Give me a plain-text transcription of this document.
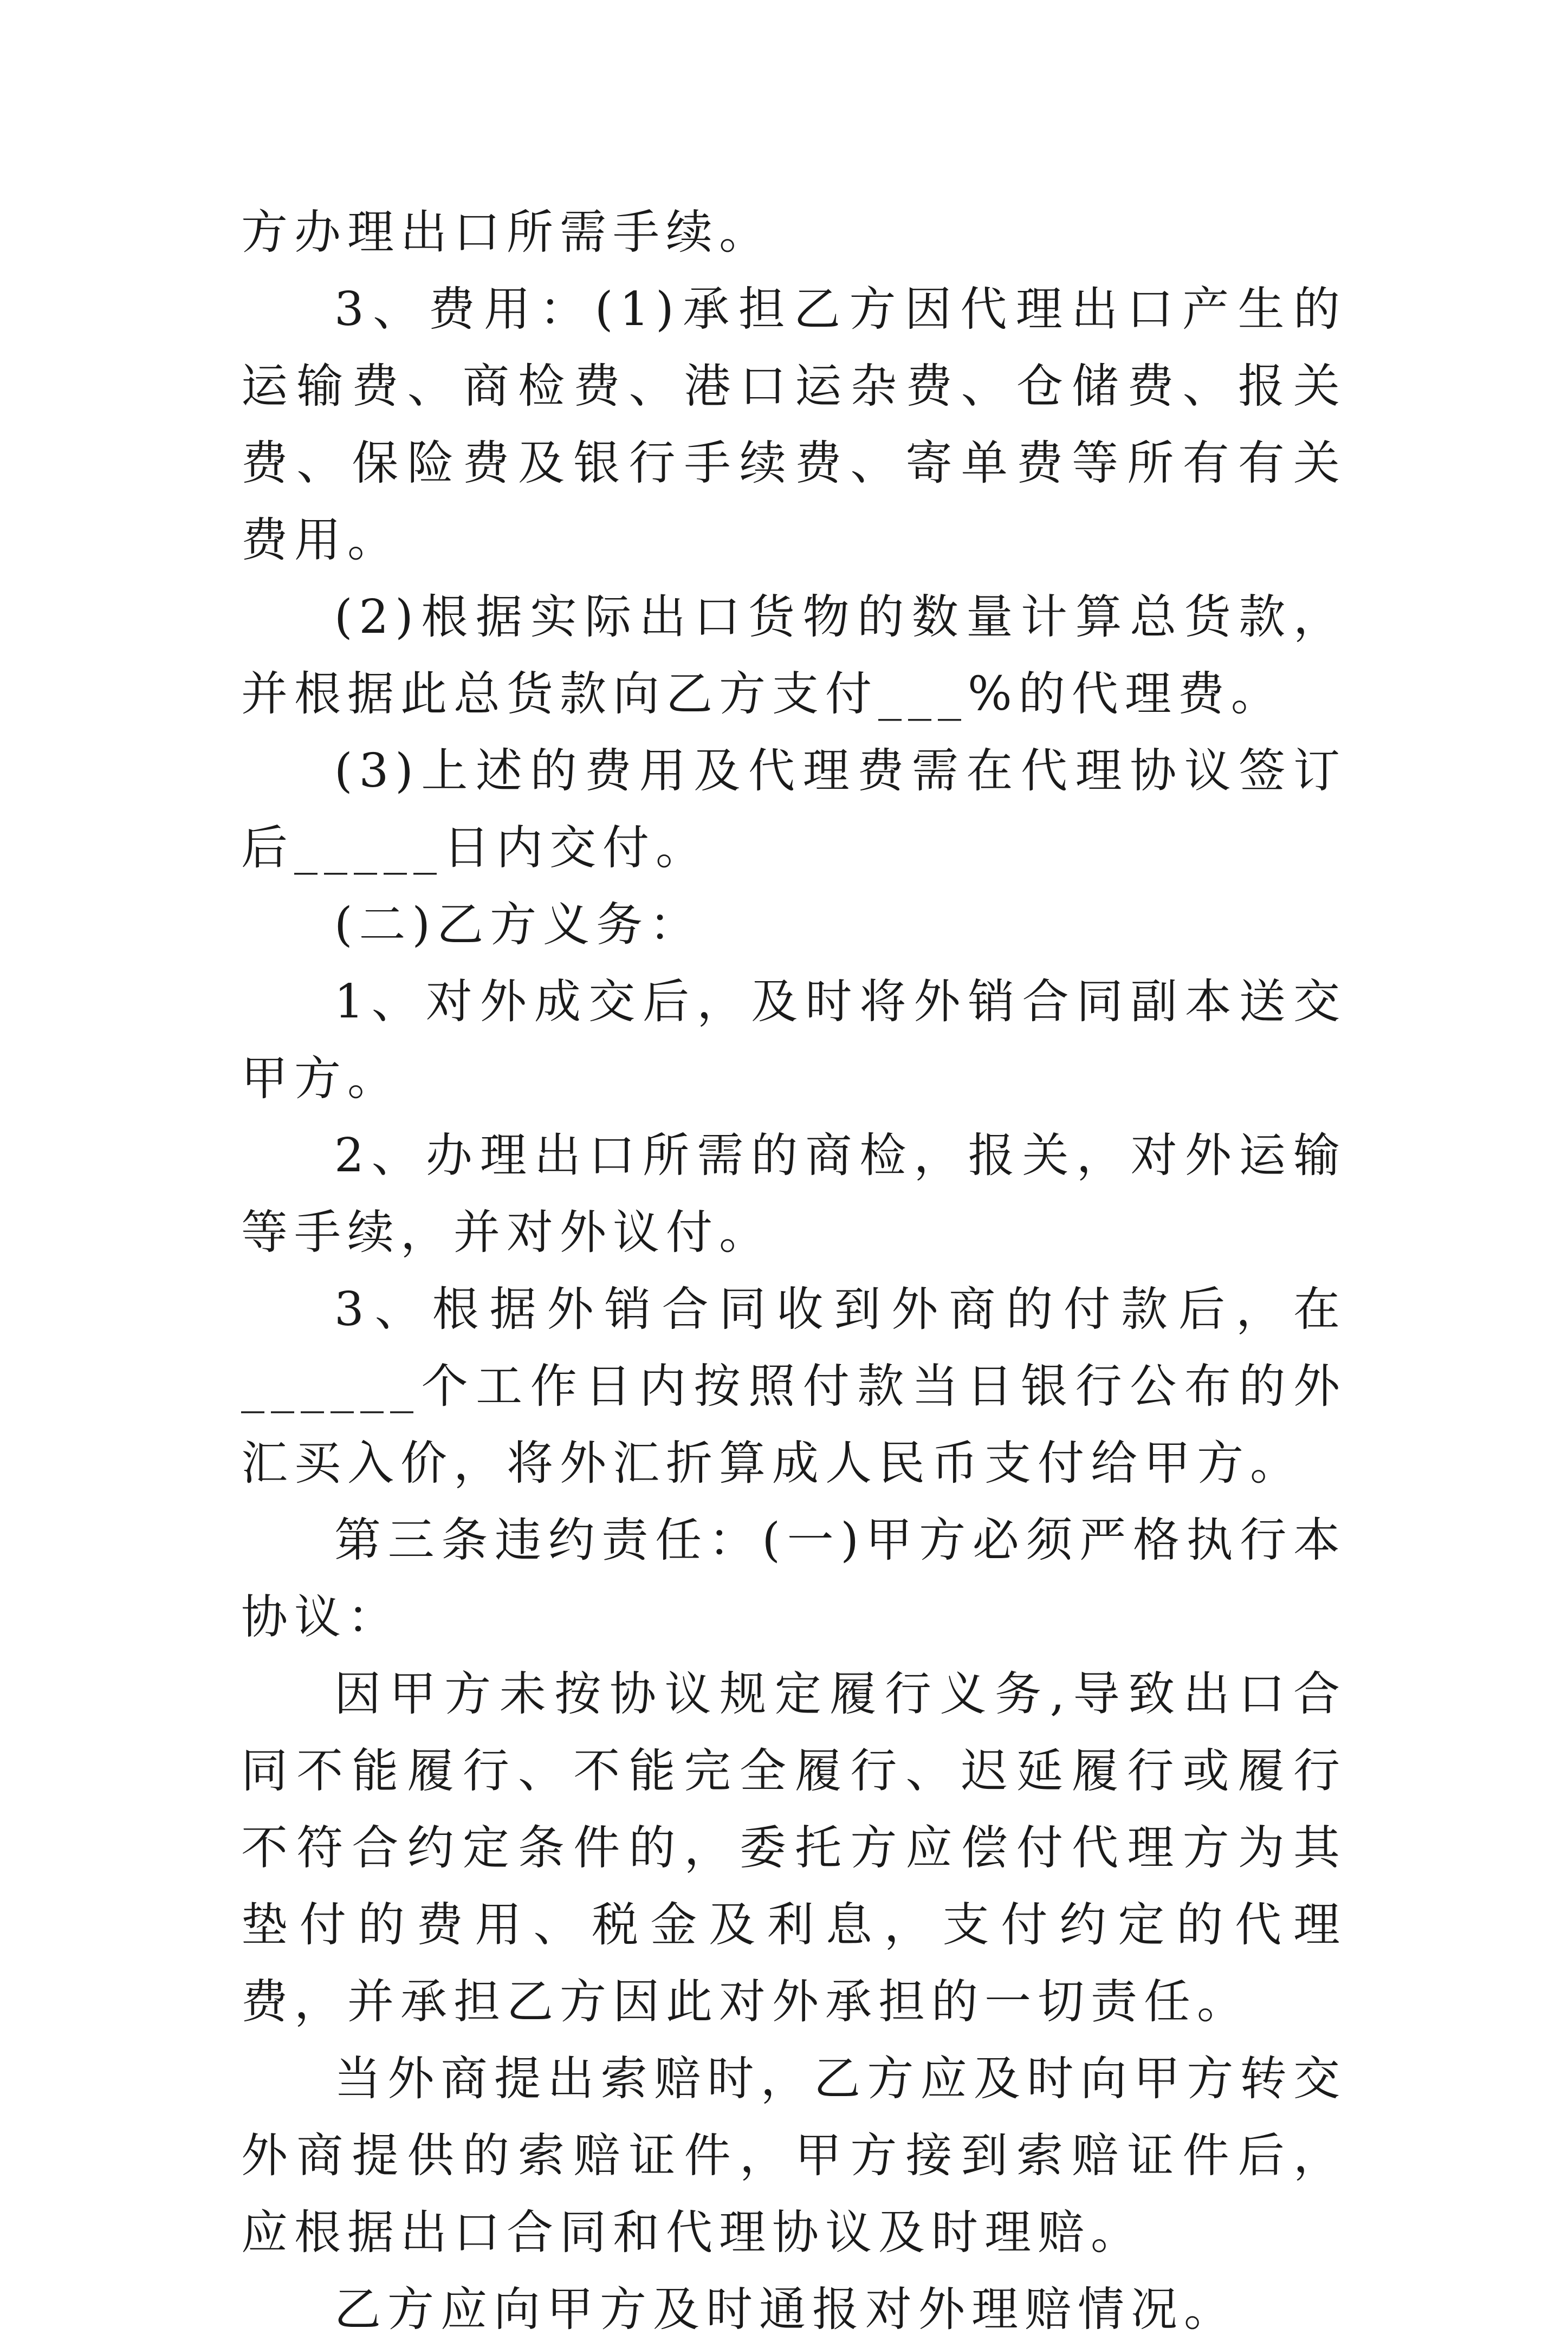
方办理出口所需手续。

3、费用：(1)承担乙方因代理出口产生的运输费、商检费、港口运杂费、仓储费、报关费、保险费及银行手续费、寄单费等所有有关费用。

(2)根据实际出口货物的数量计算总货款，并根据此总货款向乙方支付___%的代理费。

(3)上述的费用及代理费需在代理协议签订后_____日内交付。

(二)乙方义务：

1、对外成交后，及时将外销合同副本送交甲方。

2、办理出口所需的商检，报关，对外运输等手续，并对外议付。

3、根据外销合同收到外商的付款后，在______个工作日内按照付款当日银行公布的外汇买入价，将外汇折算成人民币支付给甲方。

第三条违约责任：(一)甲方必须严格执行本协议：

因甲方未按协议规定履行义务,导致出口合同不能履行、不能完全履行、迟延履行或履行不符合约定条件的，委托方应偿付代理方为其垫付的费用、税金及利息，支付约定的代理费，并承担乙方因此对外承担的一切责任。

当外商提出索赔时，乙方应及时向甲方转交外商提供的索赔证件，甲方接到索赔证件后，应根据出口合同和代理协议及时理赔。

乙方应向甲方及时通报对外理赔情况。
